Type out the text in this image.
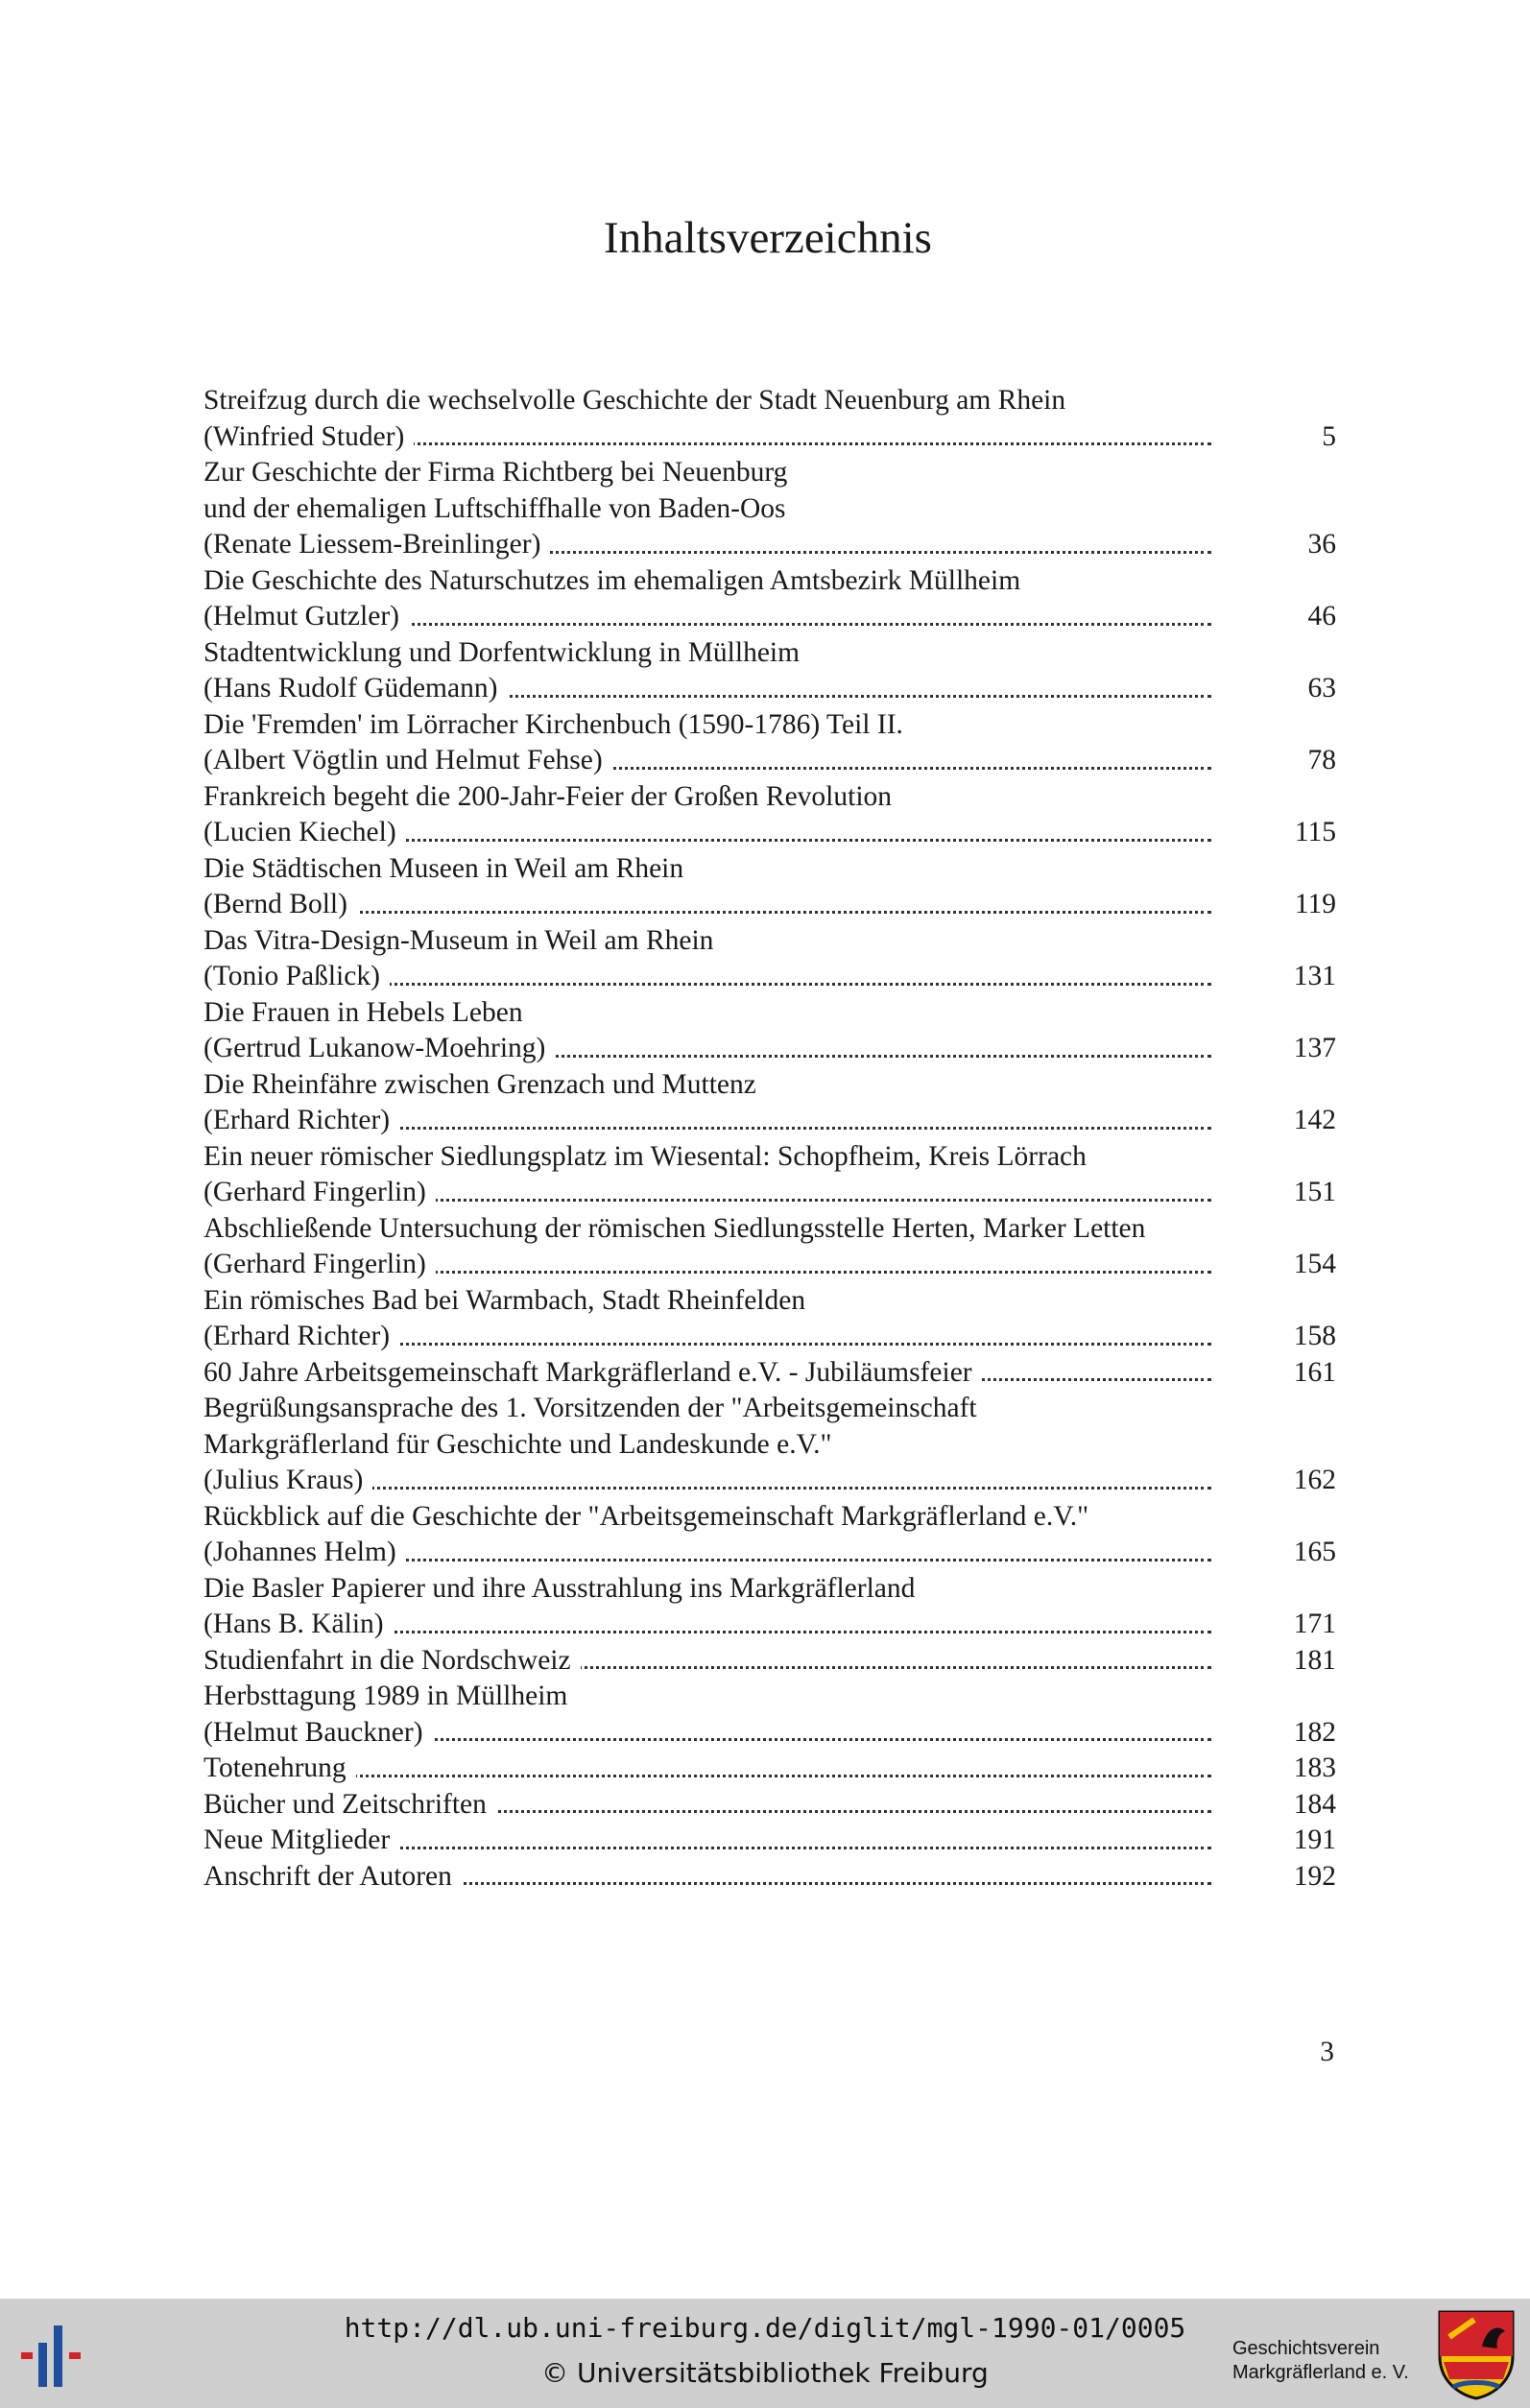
Inhaltsverzeichnis
Streifzug durch die wechselvolle Geschichte der Stadt Neuenburg am Rhein
(Winfried Studer)	5
Zur Geschichte der Firma Richtberg bei Neuenburg
und der ehemaligen Luftschiffhalle von Baden-Oos
(Renate Liessem-Breinlinger)	36
Die Geschichte des Naturschutzes im ehemaligen Amtsbezirk Müllheim
(Helmut Gutzler)	46
Stadtentwicklung und Dorfentwicklung in Müllheim
(Hans Rudolf Güdemann)	63
Die 'Fremden' im Lörracher Kirchenbuch (1590-1786) Teil II.
(Albert Vögtlin und Helmut Fehse)	78
Frankreich begeht die 200-Jahr-Feier der Großen Revolution
(Lucien Kiechel)	115
Die Städtischen Museen in Weil am Rhein
(Bernd Boll)	119
Das Vitra-Design-Museum in Weil am Rhein
(Tonio Paßlick)	131
Die Frauen in Hebels Leben
(Gertrud Lukanow-Moehring)	137
Die Rheinfähre zwischen Grenzach und Muttenz
(Erhard Richter)	142
Ein neuer römischer Siedlungsplatz im Wiesental: Schopfheim, Kreis Lörrach
(Gerhard Fingerlin)	151
Abschließende Untersuchung der römischen Siedlungsstelle Herten, Marker Letten
(Gerhard Fingerlin)	154
Ein römisches Bad bei Warmbach, Stadt Rheinfelden
(Erhard Richter)	158
60 Jahre Arbeitsgemeinschaft Markgräflerland e.V. - Jubiläumsfeier	161
Begrüßungsansprache des 1. Vorsitzenden der "Arbeitsgemeinschaft
Markgräflerland für Geschichte und Landeskunde e.V."
(Julius Kraus)	162
Rückblick auf die Geschichte der "Arbeitsgemeinschaft Markgräflerland e.V."
(Johannes Helm)	165
Die Basler Papierer und ihre Ausstrahlung ins Markgräflerland
(Hans B. Kälin)	171
Studienfahrt in die Nordschweiz	181
Herbsttagung 1989 in Müllheim
(Helmut Bauckner)	182
Totenehrung	183
Bücher und Zeitschriften	184
Neue Mitglieder	191
Anschrift der Autoren	192
3

http://dl.ub.uni-freiburg.de/diglit/mgl-1990-01/0005

© Universitätsbibliothek Freiburg

Geschichtsverein
Markgräflerland e. V.
